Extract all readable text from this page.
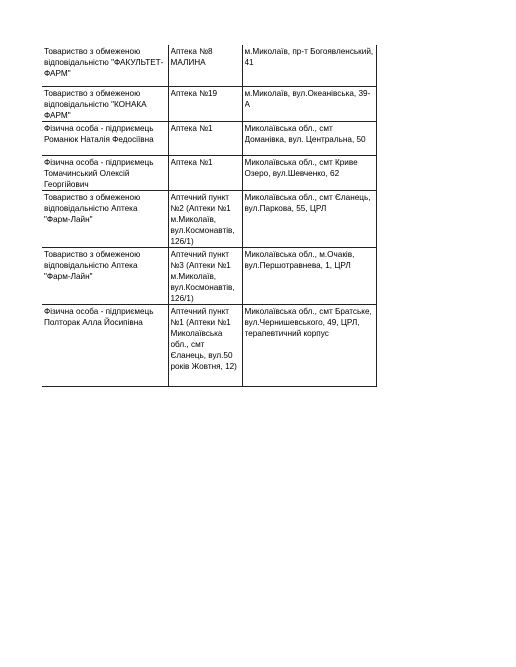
Товариство з обмеженою відповідальністю "ФАКУЛЬТЕТ-ФАРМ"	Аптека №8 МАЛИНА	м.Миколаїв, пр-т Богоявленський, 41

Товариство з обмеженою відповідальністю "КОНАКА ФАРМ"	Аптека №19	м.Миколаїв, вул.Океанівська, 39-А

Фізична особа - підприємець Романюк Наталія Федосіївна	Аптека №1	Миколаївська обл., смт Доманівка, вул. Центральна, 50

Фізична особа - підприємець Томачинський Олексій Георгійович	Аптека №1	Миколаївська обл., смт Криве Озеро, вул.Шевченко, 62

Товариство з обмеженою відповідальністю Аптека "Фарм-Лайн"	Аптечний пункт №2 (Аптеки №1 м.Миколаїв, вул.Космонавтів, 126/1)	Миколаївська обл., смт Єланець, вул.Паркова, 55, ЦРЛ

Товариство з обмеженою відповідальністю Аптека "Фарм-Лайн"	Аптечний пункт №3 (Аптеки №1 м.Миколаїв, вул.Космонавтів, 126/1)	Миколаївська обл., м.Очаків, вул.Першотравнева, 1, ЦРЛ

Фізична особа - підприємець Полторак Алла Йосипівна	Аптечний пункт №1 (Аптеки №1 Миколаївська обл., смт Єланець, вул.50 років Жовтня, 12)	Миколаївська обл., смт Братське, вул.Чернишевського, 49, ЦРЛ, терапевтичний корпус
